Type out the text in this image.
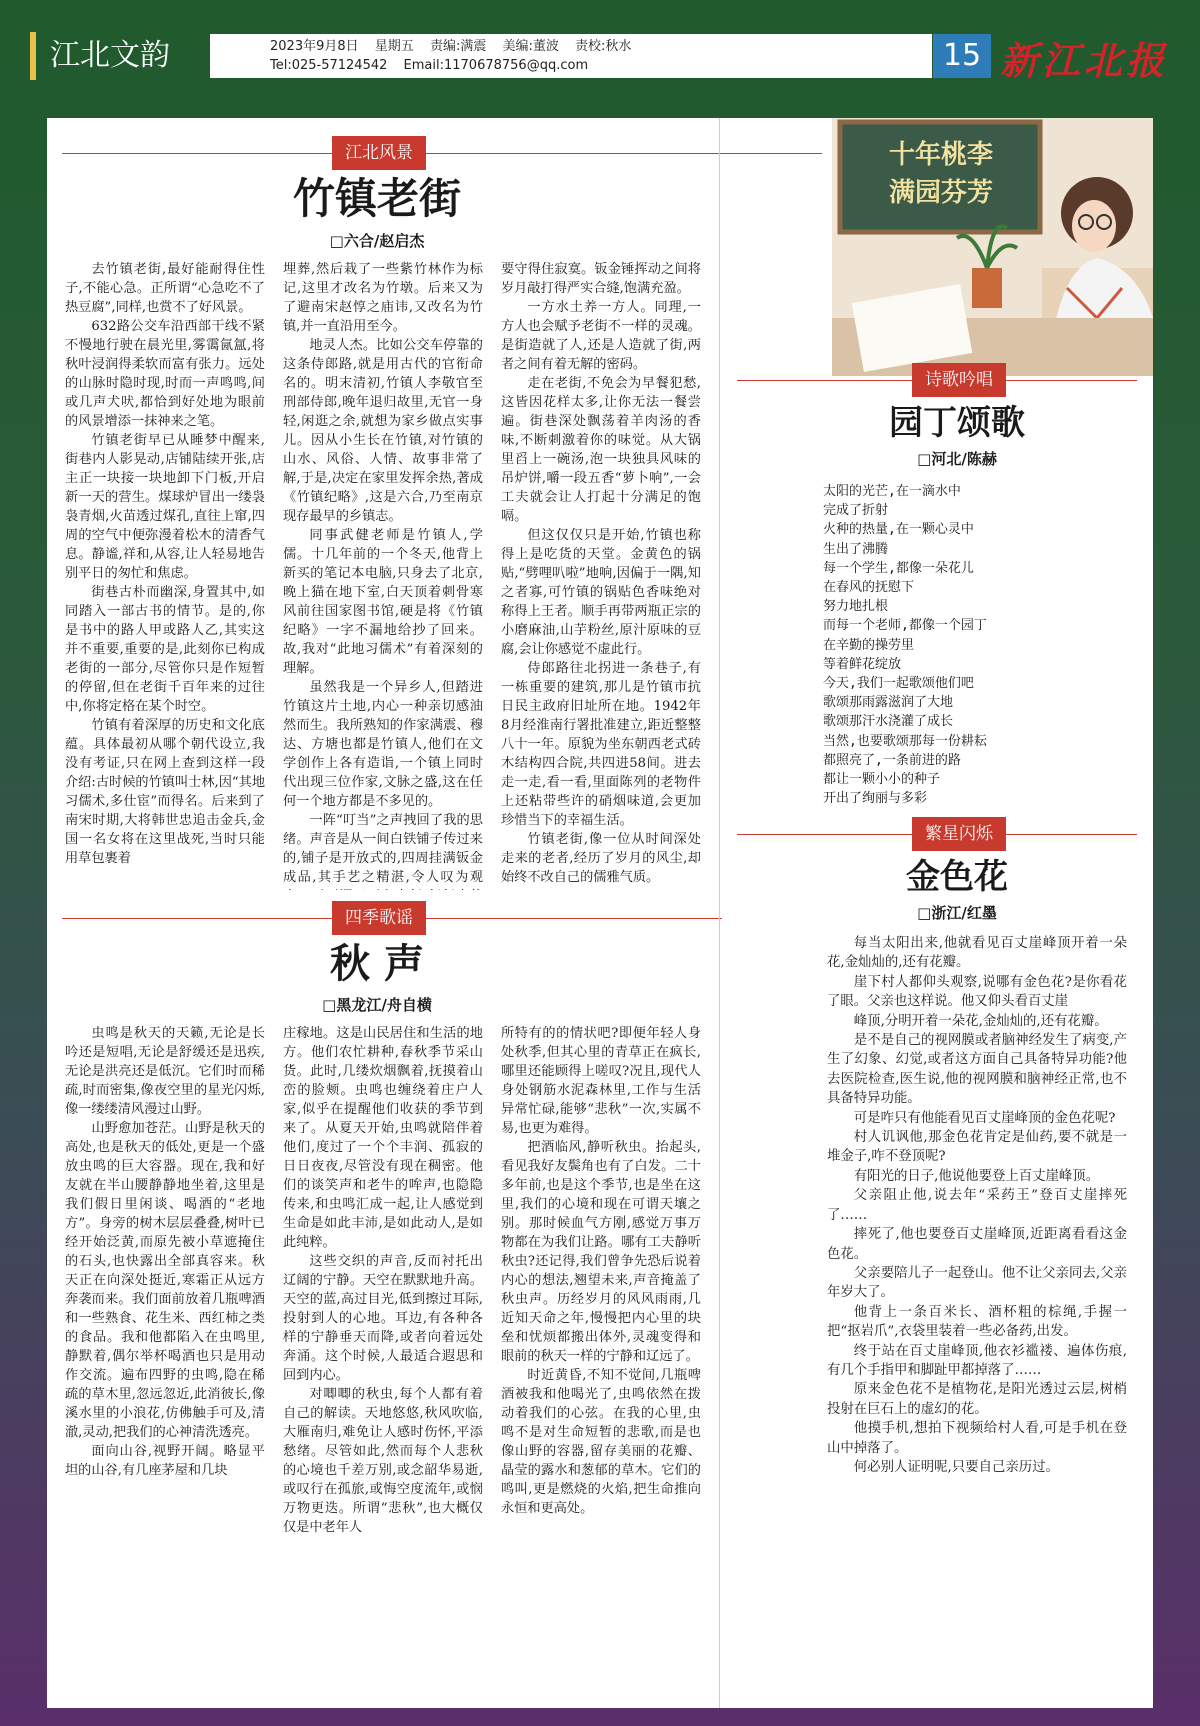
江北文韵	2023年9月8日 星期五 责编:满震 美编:董波 责校:秋水
Tel:025-57124542 Email:1170678756@qq.com	15 新江北报
十年桃李
满园芬芳
江北风景
竹镇老街
□六合/赵启杰

去竹镇老街,最好能耐得住性子,不能心急。正所谓“心急吃不了热豆腐”,同样,也赏不了好风景。

632路公交车沿西部干线不紧不慢地行驶在晨光里,雾霭氤氲,将秋叶浸润得柔软而富有张力。远处的山脉时隐时现,时而一声鸣鸣,间或几声犬吠,都恰到好处地为眼前的风景增添一抹神来之笔。

竹镇老街早已从睡梦中醒来,街巷内人影晃动,店铺陆续开张,店主正一块接一块地卸下门板,开启新一天的营生。煤球炉冒出一缕袅袅青烟,火苗透过煤孔,直往上窜,四周的空气中便弥漫着松木的清香气息。静谧,祥和,从容,让人轻易地告别平日的匆忙和焦虑。

街巷古朴而幽深,身置其中,如同踏入一部古书的情节。是的,你是书中的路人甲或路人乙,其实这并不重要,重要的是,此刻你已构成老街的一部分,尽管你只是作短暂的停留,但在老街千百年来的过往中,你将定格在某个时空。

竹镇有着深厚的历史和文化底蕴。具体最初从哪个朝代设立,我没有考证,只在网上查到这样一段介绍:古时候的竹镇叫士林,因“其地习儒术,多仕宦”而得名。后来到了南宋时期,大将韩世忠追击金兵,金国一名女将在这里战死,当时只能用草包裹着

埋葬,然后栽了一些紫竹林作为标记,这里才改名为竹墩。后来又为了避南宋赵惇之庙讳,又改名为竹镇,并一直沿用至今。

地灵人杰。比如公交车停靠的这条侍郎路,就是用古代的官衔命名的。明末清初,竹镇人李敬官至刑部侍郎,晚年退归故里,无官一身轻,闲逛之余,就想为家乡做点实事儿。因从小生长在竹镇,对竹镇的山水、风俗、人情、故事非常了解,于是,决定在家里发挥余热,著成《竹镇纪略》,这是六合,乃至南京现存最早的乡镇志。

同事武健老师是竹镇人,学儒。十几年前的一个冬天,他背上新买的笔记本电脑,只身去了北京,晚上猫在地下室,白天顶着刺骨寒风前往国家图书馆,硬是将《竹镇纪略》一字不漏地给抄了回来。故,我对“此地习儒术”有着深刻的理解。

虽然我是一个异乡人,但踏进竹镇这片土地,内心一种亲切感油然而生。我所熟知的作家满震、穆达、方塘也都是竹镇人,他们在文学创作上各有造诣,一个镇上同时代出现三位作家,文脉之盛,这在任何一个地方都是不多见的。

一阵“叮当”之声拽回了我的思绪。声音是从一间白铁铺子传过来的,铺子是开放式的,四周挂满钣金成品,其手艺之精湛,令人叹为观

要守得住寂寞。钣金锤挥动之间将岁月敲打得严实合缝,饱满充盈。

一方水土养一方人。同理,一方人也会赋予老街不一样的灵魂。是街造就了人,还是人造就了街,两者之间有着无解的密码。

走在老街,不免会为早餐犯愁,这皆因花样太多,让你无法一餐尝遍。街巷深处飘荡着羊肉汤的香味,不断刺激着你的味觉。从大锅里舀上一碗汤,泡一块独具风味的吊炉饼,嚼一段五香“萝卜响”,一会工夫就会让人打起十分满足的饱嗝。

但这仅仅只是开始,竹镇也称得上是吃货的天堂。金黄色的锅贴,“劈哩叭啦”地响,因偏于一隅,知之者寡,可竹镇的锅贴色香味绝对称得上王者。顺手再带两瓶正宗的小磨麻油,山芋粉丝,原汁原味的豆腐,会让你感觉不虚此行。

侍郎路往北拐进一条巷子,有一栋重要的建筑,那儿是竹镇市抗日民主政府旧址所在地。1942年8月经淮南行署批准建立,距近整整八十一年。原貌为坐东朝西老式砖木结构四合院,共四进58间。进去走一走,看一看,里面陈列的老物件上还粘带些许的硝烟味道,会更加珍惜当下的幸福生活。

竹镇老街,像一位从时间深处走来的老者,经历了岁月的风尘,却始终不改自己的儒雅气质。

四季歌谣
秋 声
□黑龙江/舟自横

虫鸣是秋天的天籁,无论是长吟还是短唱,无论是舒缓还是迅疾,无论是洪亮还是低沉。它们时而稀疏,时而密集,像夜空里的星光闪烁,像一缕缕清风漫过山野。

山野愈加苍茫。山野是秋天的高处,也是秋天的低处,更是一个盛放虫鸣的巨大容器。现在,我和好友就在半山腰静静地坐着,这里是我们假日里闲谈、喝酒的“老地方”。身旁的树木层层叠叠,树叶已经开始泛黄,而原先被小草遮掩住的石头,也快露出全部真容来。秋天正在向深处挺近,寒霜正从远方奔袭而来。我们面前放着几瓶啤酒和一些熟食、花生米、西红柿之类的食品。我和他都陷入在虫鸣里,静默着,偶尔举杯喝酒也只是用动作交流。遍布四野的虫鸣,隐在稀疏的草木里,忽远忽近,此消彼长,像溪水里的小浪花,仿佛触手可及,清澈,灵动,把我们的心神清洗透亮。

面向山谷,视野开阔。略显平坦的山谷,有几座茅屋和几块

庄稼地。这是山民居住和生活的地方。他们农忙耕种,春秋季节采山货。此时,几缕炊烟飘着,抚摸着山峦的脸颊。虫鸣也缠绕着庄户人家,似乎在提醒他们收获的季节到来了。从夏天开始,虫鸣就陪伴着他们,度过了一个个丰润、孤寂的日日夜夜,尽管没有现在稠密。他们的谈笑声和老牛的哞声,也隐隐传来,和虫鸣汇成一起,让人感觉到生命是如此丰沛,是如此动人,是如此纯粹。

这些交织的声音,反而衬托出辽阔的宁静。天空在默默地升高。天空的蓝,高过目光,低到擦过耳际,投射到人的心地。耳边,有各种各样的宁静垂天而降,或者向着远处奔涌。这个时候,人最适合遐思和回到内心。

对唧唧的秋虫,每个人都有着自己的解读。天地悠悠,秋风吹临,大雁南归,难免让人感时伤怀,平添愁绪。尽管如此,然而每个人悲秋的心境也千差万别,或念韶华易逝,或叹行在孤旅,或悔空度流年,或悯万物更迭。所谓“悲秋”,也大概仅仅是中老年人

所特有的的情状吧?即便年轻人身处秋季,但其心里的青草正在疯长,哪里还能顾得上嗟叹?况且,现代人身处钢筋水泥森林里,工作与生活异常忙碌,能够“悲秋”一次,实属不易,也更为难得。

把酒临风,静听秋虫。抬起头,看见我好友鬓角也有了白发。二十多年前,也是这个季节,也是坐在这里,我们的心境和现在可谓天壤之别。那时候血气方刚,感觉万事万物都在为我们让路。哪有工夫静听秋虫?还记得,我们曾争先恐后说着内心的想法,翘望未来,声音掩盖了秋虫声。历经岁月的风风雨雨,几近知天命之年,慢慢把内心里的块垒和忧烦都搬出体外,灵魂变得和眼前的秋天一样的宁静和辽远了。

时近黄昏,不知不觉间,几瓶啤酒被我和他喝光了,虫鸣依然在拨动着我们的心弦。在我的心里,虫鸣不是对生命短暂的悲歌,而是也像山野的容器,留存美丽的花瓣、晶莹的露水和葱郁的草木。它们的鸣叫,更是燃烧的火焰,把生命推向永恒和更高处。

诗歌吟唱
园丁颂歌
□河北/陈赫
太阳的光芒,在一滴水中
完成了折射
火种的热量,在一颗心灵中
生出了沸腾
每一个学生,都像一朵花儿
在春风的抚慰下
努力地扎根
而每一个老师,都像一个园丁
在辛勤的操劳里
等着鲜花绽放
今天,我们一起歌颂他们吧
歌颂那雨露滋润了大地
歌颂那汗水浇灌了成长
当然,也要歌颂那每一份耕耘
都照亮了,一条前进的路
都让一颗小小的种子
开出了绚丽与多彩
繁星闪烁
金色花
□浙江/红墨

每当太阳出来,他就看见百丈崖峰顶开着一朵花,金灿灿的,还有花瓣。

崖下村人都仰头观察,说哪有金色花?是你看花了眼。父亲也这样说。他又仰头看百丈崖

峰顶,分明开着一朵花,金灿灿的,还有花瓣。

是不是自己的视网膜或者脑神经发生了病变,产生了幻象、幻觉,或者这方面自己具备特异功能?他去医院检查,医生说,他的视网膜和脑神经正常,也不具备特异功能。

可是咋只有他能看见百丈崖峰顶的金色花呢?

村人讥讽他,那金色花肯定是仙药,要不就是一堆金子,咋不登顶呢?

有阳光的日子,他说他要登上百丈崖峰顶。

父亲阻止他,说去年“采药王”登百丈崖摔死了……

摔死了,他也要登百丈崖峰顶,近距离看看这金色花。

父亲要陪儿子一起登山。他不让父亲同去,父亲年岁大了。

他背上一条百米长、酒杯粗的棕绳,手握一把“抠岩爪”,衣袋里装着一些必备药,出发。

终于站在百丈崖峰顶,他衣衫褴褛、遍体伤痕,有几个手指甲和脚趾甲都掉落了……

原来金色花不是植物花,是阳光透过云层,树梢投射在巨石上的虚幻的花。

他摸手机,想拍下视频给村人看,可是手机在登山中掉落了。

何必别人证明呢,只要自己亲历过。
